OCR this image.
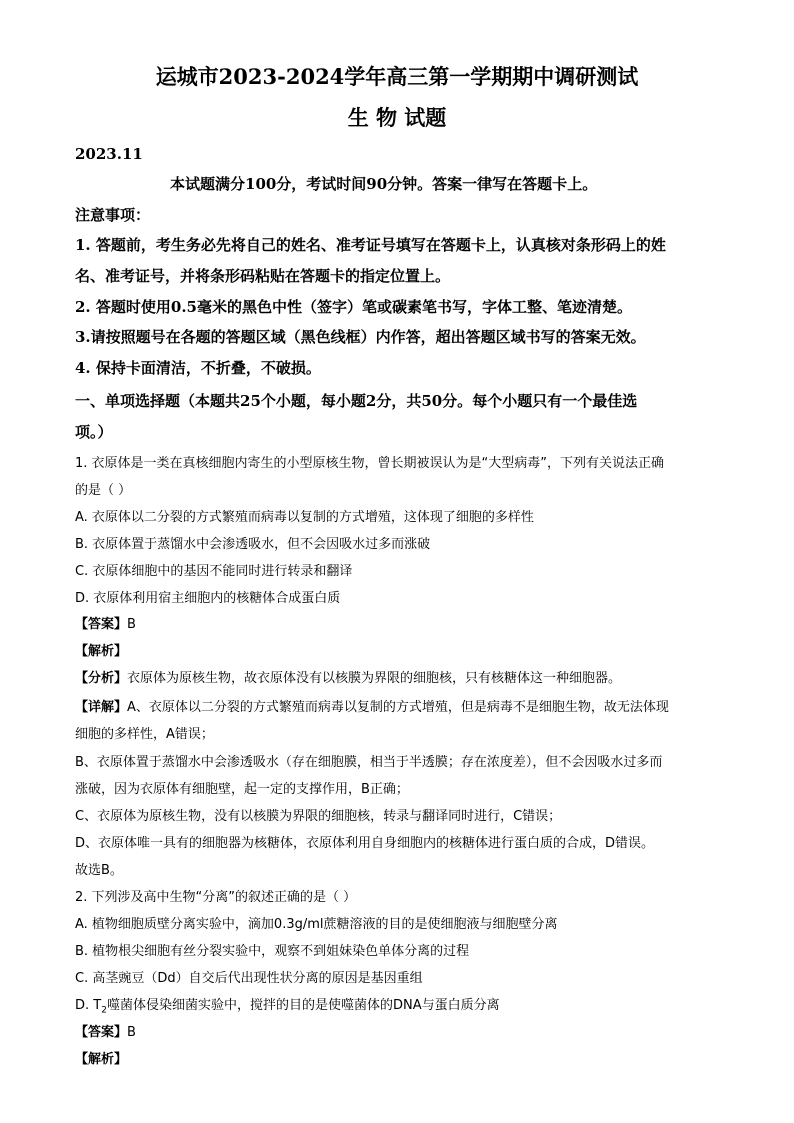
运城市2023-2024学年高三第一学期期中调研测试
生 物 试题
2023.11
本试题满分100分，考试时间90分钟。答案一律写在答题卡上。
注意事项：
1. 答题前，考生务必先将自己的姓名、准考证号填写在答题卡上，认真核对条形码上的姓
名、准考证号，并将条形码粘贴在答题卡的指定位置上。
2. 答题时使用0.5毫米的黑色中性（签字）笔或碳素笔书写，字体工整、笔迹清楚。
3.请按照题号在各题的答题区域（黑色线框）内作答，超出答题区域书写的答案无效。
4. 保持卡面清洁，不折叠，不破损。
一、单项选择题（本题共25个小题，每小题2分，共50分。每个小题只有一个最佳选
项。）
1. 衣原体是一类在真核细胞内寄生的小型原核生物，曾长期被误认为是“大型病毒”，下列有关说法正确
的是（ ）
A. 衣原体以二分裂的方式繁殖而病毒以复制的方式增殖，这体现了细胞的多样性
B. 衣原体置于蒸馏水中会渗透吸水，但不会因吸水过多而涨破
C. 衣原体细胞中的基因不能同时进行转录和翻译
D. 衣原体利用宿主细胞内的核糖体合成蛋白质
【答案】B
【解析】
【分析】衣原体为原核生物，故衣原体没有以核膜为界限的细胞核，只有核糖体这一种细胞器。
【详解】A、衣原体以二分裂的方式繁殖而病毒以复制的方式增殖，但是病毒不是细胞生物，故无法体现
细胞的多样性，A错误；
B、衣原体置于蒸馏水中会渗透吸水（存在细胞膜，相当于半透膜；存在浓度差），但不会因吸水过多而
涨破，因为衣原体有细胞壁，起一定的支撑作用，B正确；
C、衣原体为原核生物，没有以核膜为界限的细胞核，转录与翻译同时进行，C错误；
D、衣原体唯一具有的细胞器为核糖体，衣原体利用自身细胞内的核糖体进行蛋白质的合成，D错误。
故选B。
2. 下列涉及高中生物“分离”的叙述正确的是（ ）
A. 植物细胞质壁分离实验中，滴加0.3g/ml蔗糖溶液的目的是使细胞液与细胞壁分离
B. 植物根尖细胞有丝分裂实验中，观察不到姐妹染色单体分离的过程
C. 高茎豌豆（Dd）自交后代出现性状分离的原因是基因重组
D. $T_2$噬菌体侵染细菌实验中，搅拌的目的是使噬菌体的DNA与蛋白质分离
【答案】B
【解析】
